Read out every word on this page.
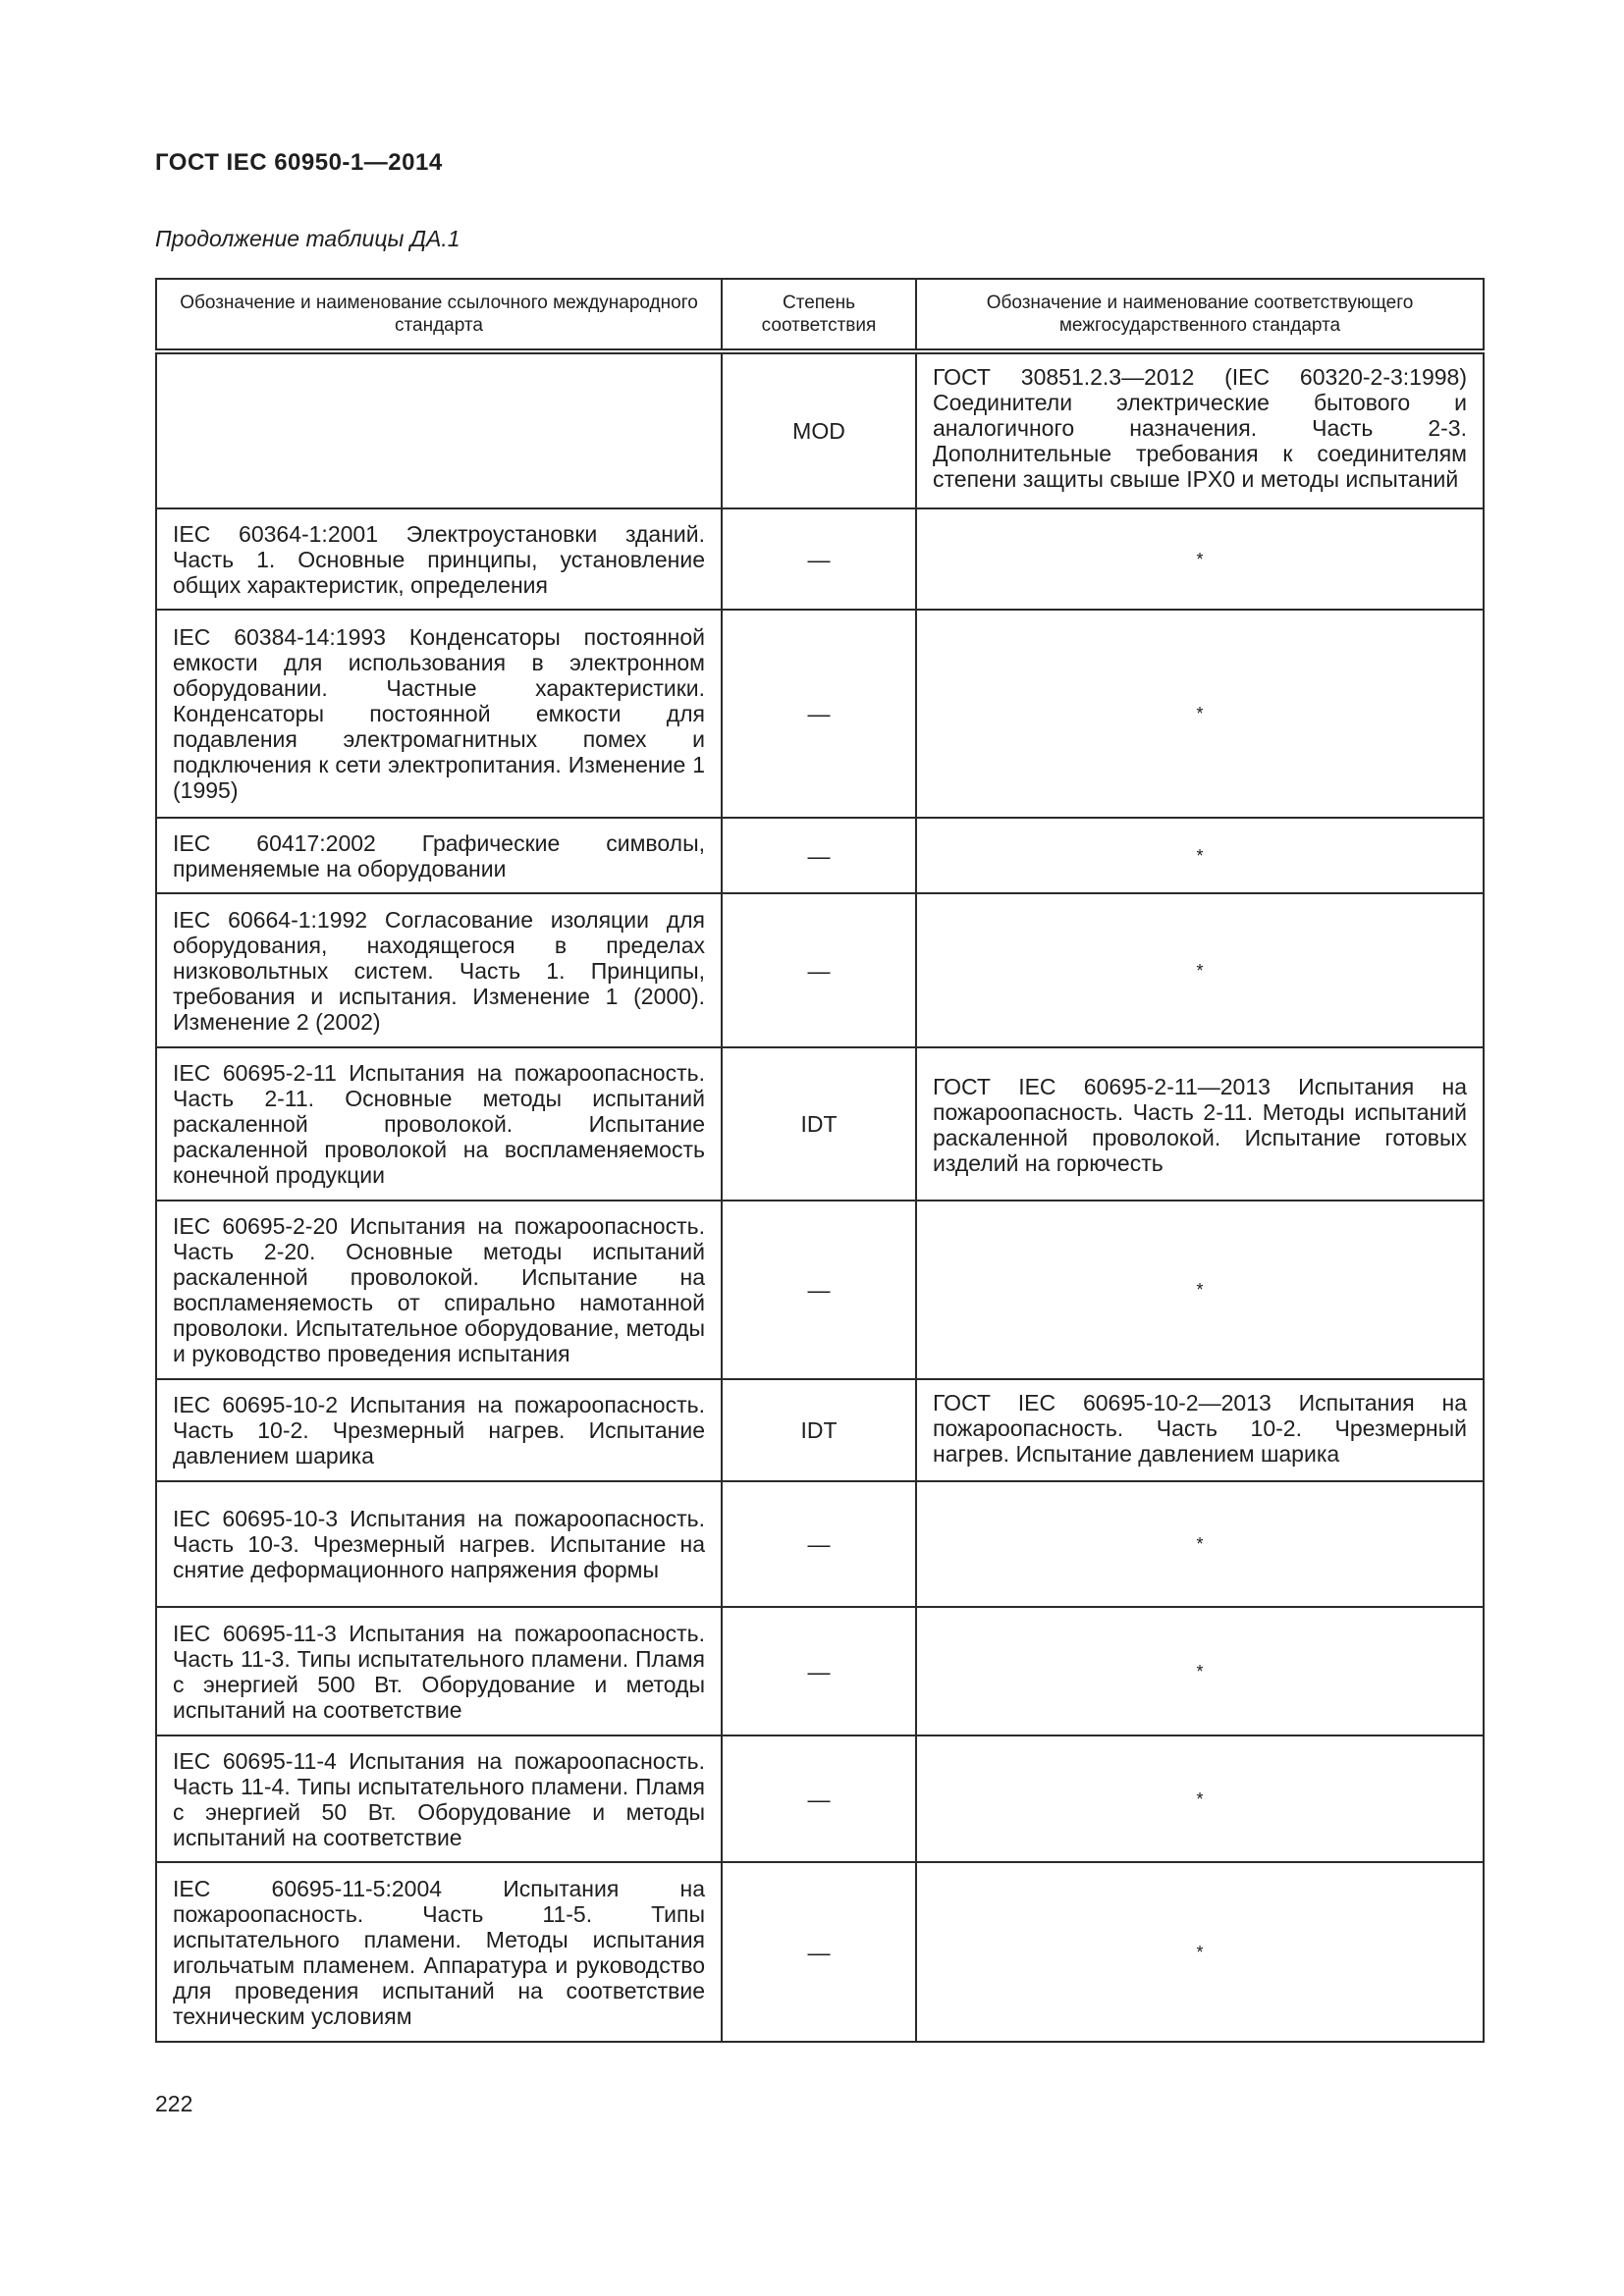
ГОСТ IEC 60950-1—2014
Продолжение таблицы ДА.1
Обозначение и наименование ссылочного международного стандарта	Степень соответствия	Обозначение и наименование соответствующего межгосударственного стандарта
	MOD	ГОСТ 30851.2.3—2012 (IEC 60320-2-3:1998) Соединители электрические бытового и аналогичного назначения. Часть 2-3. Дополнительные требования к соединителям степени защиты свыше IPX0 и методы испытаний
IEC 60364-1:2001 Электроустановки зданий. Часть 1. Основные принципы, установление общих характеристик, определения	—	*
IEC 60384-14:1993 Конденсаторы постоянной емкости для использования в электронном оборудовании. Частные характеристики. Конденсаторы постоянной емкости для подавления электромагнитных помех и подключения к сети электропитания. Изменение 1 (1995)	—	*
IEC 60417:2002 Графические символы, применяемые на оборудовании	—	*
IEC 60664-1:1992 Согласование изоляции для оборудования, находящегося в пределах низковольтных систем. Часть 1. Принципы, требования и испытания. Изменение 1 (2000). Изменение 2 (2002)	—	*
IEC 60695-2-11 Испытания на пожароопасность. Часть 2-11. Основные методы испытаний раскаленной проволокой. Испытание раскаленной проволокой на воспламеняемость конечной продукции	IDT	ГОСТ IEC 60695-2-11—2013 Испытания на пожароопасность. Часть 2-11. Методы испытаний раскаленной проволокой. Испытание готовых изделий на горючесть
IEC 60695-2-20 Испытания на пожароопасность. Часть 2-20. Основные методы испытаний раскаленной проволокой. Испытание на воспламеняемость от спирально намотанной проволоки. Испытательное оборудование, методы и руководство проведения испытания	—	*
IEC 60695-10-2 Испытания на пожароопасность. Часть 10-2. Чрезмерный нагрев. Испытание давлением шарика	IDT	ГОСТ IEC 60695-10-2—2013 Испытания на пожароопасность. Часть 10-2. Чрезмерный нагрев. Испытание давлением шарика
IEC 60695-10-3 Испытания на пожароопасность. Часть 10-3. Чрезмерный нагрев. Испытание на снятие деформационного напряжения формы	—	*
IEC 60695-11-3 Испытания на пожароопасность. Часть 11-3. Типы испытательного пламени. Пламя с энергией 500 Вт. Оборудование и методы испытаний на соответствие	—	*
IEC 60695-11-4 Испытания на пожароопасность. Часть 11-4. Типы испытательного пламени. Пламя с энергией 50 Вт. Оборудование и методы испытаний на соответствие	—	*
IEC 60695-11-5:2004 Испытания на пожароопасность. Часть 11-5. Типы испытательного пламени. Методы испытания игольчатым пламенем. Аппаратура и руководство для проведения испытаний на соответствие техническим условиям	—	*
222
